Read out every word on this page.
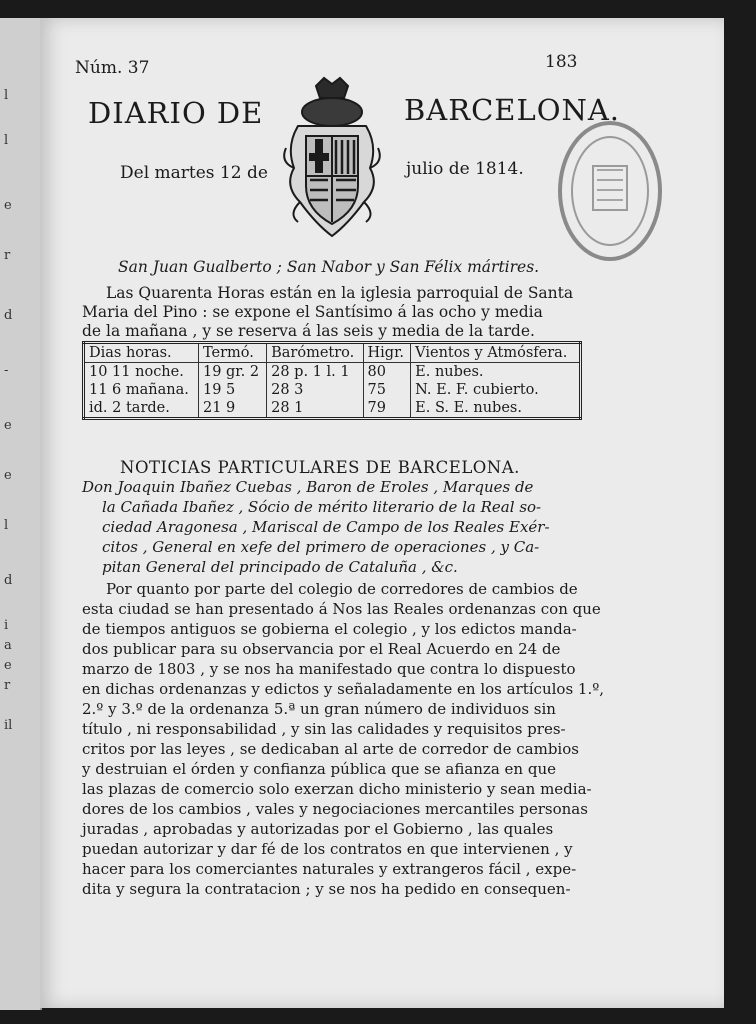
l
l
e
r
d
-
e
e
l
d
i
a
e
r
il
Núm. 37	183
DIARIO DE	BARCELONA.
Del martes 12 de	julio de 1814.
San Juan Gualberto ; San Nabor y San Félix mártires.
Las Quarenta Horas están en la iglesia parroquial de Santa
Maria del Pino : se expone el Santísimo á las ocho y media
de la mañana , y se reserva á las seis y media de la tarde.
Dias horas.	Termó.	Barómetro.	Higr.	Vientos y Atmósfera.
10 11 noche.	19 gr. 2	28 p. 1 l. 1	80	E. nubes.
11 6 mañana.	19 5	28 3	75	N. E. F. cubierto.
id. 2 tarde.	21 9	28 1	79	E. S. E. nubes.
NOTICIAS PARTICULARES DE BARCELONA.
Don Joaquin Ibañez Cuebas , Baron de Eroles , Marques de
la Cañada Ibañez , Sócio de mérito literario de la Real so-
ciedad Aragonesa , Mariscal de Campo de los Reales Exér-
citos , General en xefe del primero de operaciones , y Ca-
pitan General del principado de Cataluña , &c.
Por quanto por parte del colegio de corredores de cambios de
esta ciudad se han presentado á Nos las Reales ordenanzas con que
de tiempos antiguos se gobierna el colegio , y los edictos manda-
dos publicar para su observancia por el Real Acuerdo en 24 de
marzo de 1803 , y se nos ha manifestado que contra lo dispuesto
en dichas ordenanzas y edictos y señaladamente en los artículos 1.º,
2.º y 3.º de la ordenanza 5.ª un gran número de individuos sin
título , ni responsabilidad , y sin las calidades y requisitos pres-
critos por las leyes , se dedicaban al arte de corredor de cambios
y destruian el órden y confianza pública que se afianza en que
las plazas de comercio solo exerzan dicho ministerio y sean media-
dores de los cambios , vales y negociaciones mercantiles personas
juradas , aprobadas y autorizadas por el Gobierno , las quales
puedan autorizar y dar fé de los contratos en que intervienen , y
hacer para los comerciantes naturales y extrangeros fácil , expe-
dita y segura la contratacion ; y se nos ha pedido en consequen-
